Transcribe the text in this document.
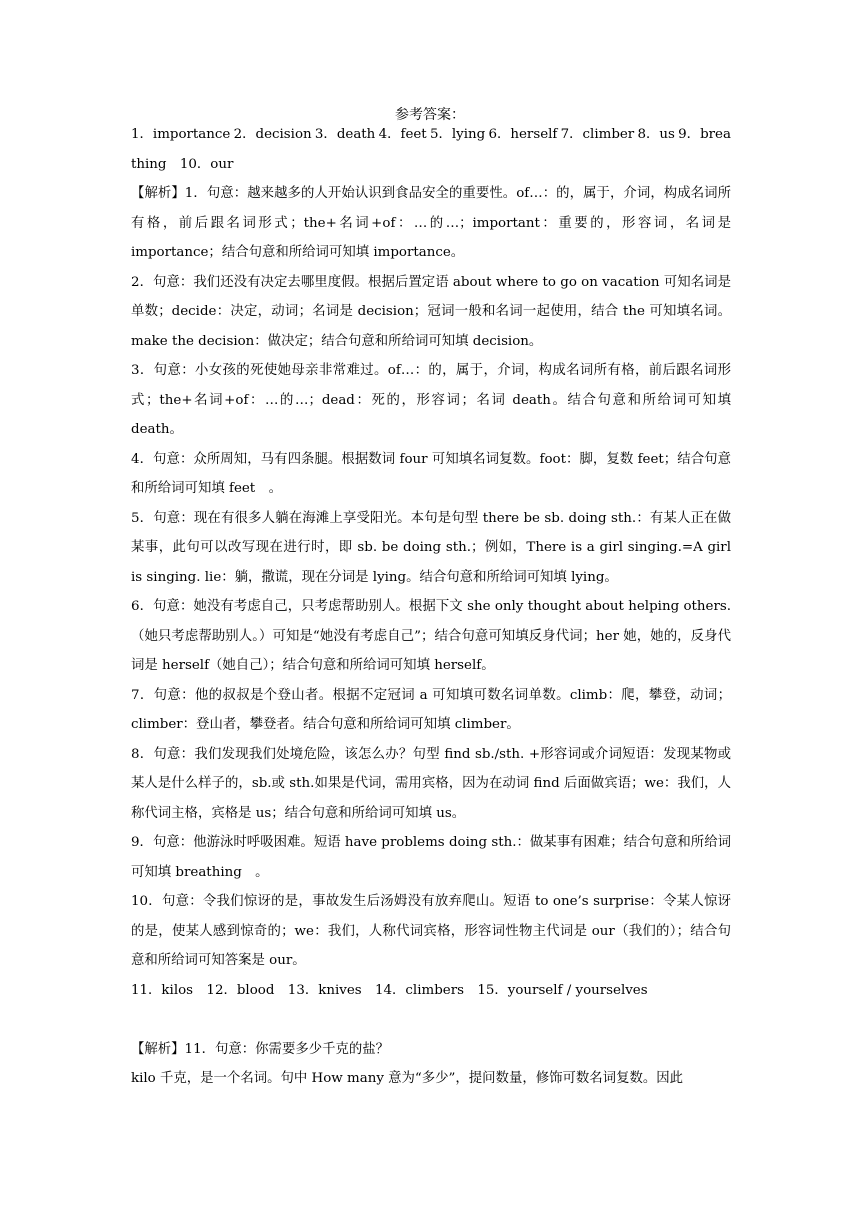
参考答案：

1．importance 2．decision 3．death 4．feet 5．lying 6．herself 7．climber 8．us 9．brea

thing　10．our

【解析】1．句意：越来越多的人开始认识到食品安全的重要性。of…：的，属于，介词，构成名词所有格，前后跟名词形式；the+名词+of：…的…；important：重要的，形容词，名词是 importance；结合句意和所给词可知填 importance。

2．句意：我们还没有决定去哪里度假。根据后置定语 about where to go on vacation 可知名词是单数；decide：决定，动词；名词是 decision；冠词一般和名词一起使用，结合 the 可知填名词。make the decision：做决定；结合句意和所给词可知填 decision。

3．句意：小女孩的死使她母亲非常难过。of…：的，属于，介词，构成名词所有格，前后跟名词形式；the+名词+of：…的…；dead：死的，形容词；名词 death。结合句意和所给词可知填 death。

4．句意：众所周知，马有四条腿。根据数词 four 可知填名词复数。foot：脚，复数 feet；结合句意和所给词可知填 feet　。

5．句意：现在有很多人躺在海滩上享受阳光。本句是句型 there be sb. doing sth.：有某人正在做某事，此句可以改写现在进行时，即 sb. be doing sth.；例如，There is a girl singing.=A girl is singing. lie：躺，撒谎，现在分词是 lying。结合句意和所给词可知填 lying。

6．句意：她没有考虑自己，只考虑帮助别人。根据下文 she only thought about helping others.（她只考虑帮助别人。）可知是“她没有考虑自己”；结合句意可知填反身代词；her 她，她的，反身代词是 herself（她自己）；结合句意和所给词可知填 herself。

7．句意：他的叔叔是个登山者。根据不定冠词 a 可知填可数名词单数。climb：爬，攀登，动词；climber：登山者，攀登者。结合句意和所给词可知填 climber。

8．句意：我们发现我们处境危险，该怎么办？句型 find sb./sth. +形容词或介词短语：发现某物或某人是什么样子的，sb.或 sth.如果是代词，需用宾格，因为在动词 find 后面做宾语；we：我们，人称代词主格，宾格是 us；结合句意和所给词可知填 us。

9．句意：他游泳时呼吸困难。短语 have problems doing sth.：做某事有困难；结合句意和所给词可知填 breathing　。

10．句意：令我们惊讶的是，事故发生后汤姆没有放弃爬山。短语 to one’s surprise：令某人惊讶的是，使某人感到惊奇的；we：我们，人称代词宾格，形容词性物主代词是 our（我们的）；结合句意和所给词可知答案是 our。

11．kilos　12．blood　13．knives　14．climbers　15．yourself / yourselves

【解析】11．句意：你需要多少千克的盐？

kilo 千克，是一个名词。句中 How many 意为“多少”，提问数量，修饰可数名词复数。因此
